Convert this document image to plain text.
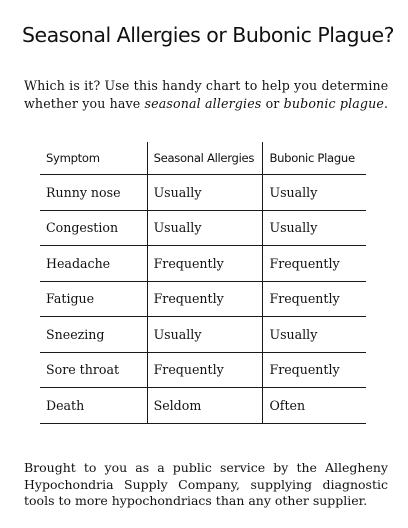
Seasonal Allergies or Bubonic Plague?
Which is it? Use this handy chart to help you determine whether you have seasonal allergies or bubonic plague.
Symptom	Seasonal Allergies	Bubonic Plague
Runny nose	Usually	Usually
Congestion	Usually	Usually
Headache	Frequently	Frequently
Fatigue	Frequently	Frequently
Sneezing	Usually	Usually
Sore throat	Frequently	Frequently
Death	Seldom	Often
Brought to you as a public service by the Allegheny Hypochondria Supply Company, supplying diagnostic tools to more hypochondriacs than any other supplier.
